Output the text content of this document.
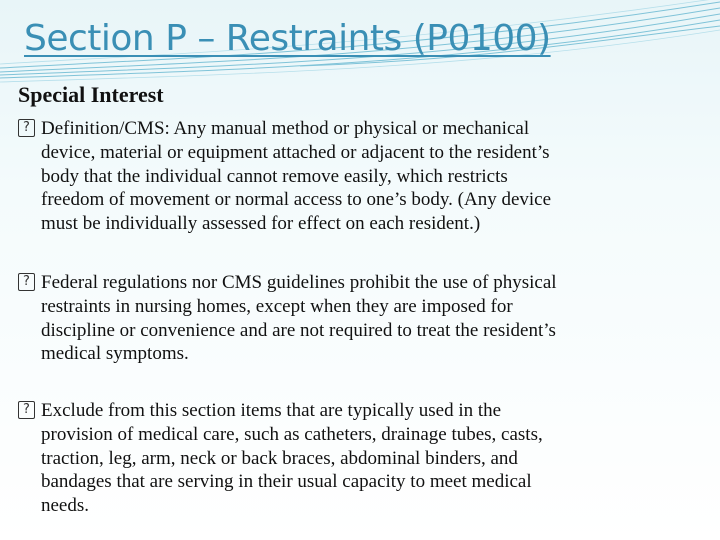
Section P – Restraints (P0100)
Special Interest
? Definition/CMS: Any manual method or physical or mechanical
device, material or equipment attached or adjacent to the resident’s
body that the individual cannot remove easily, which restricts
freedom of movement or normal access to one’s body. (Any device
must be individually assessed for effect on each resident.)
? Federal regulations nor CMS guidelines prohibit the use of physical
restraints in nursing homes, except when they are imposed for
discipline or convenience and are not required to treat the resident’s
medical symptoms.
? Exclude from this section items that are typically used in the
provision of medical care, such as catheters, drainage tubes, casts,
traction, leg, arm, neck or back braces, abdominal binders, and
bandages that are serving in their usual capacity to meet medical
needs.
